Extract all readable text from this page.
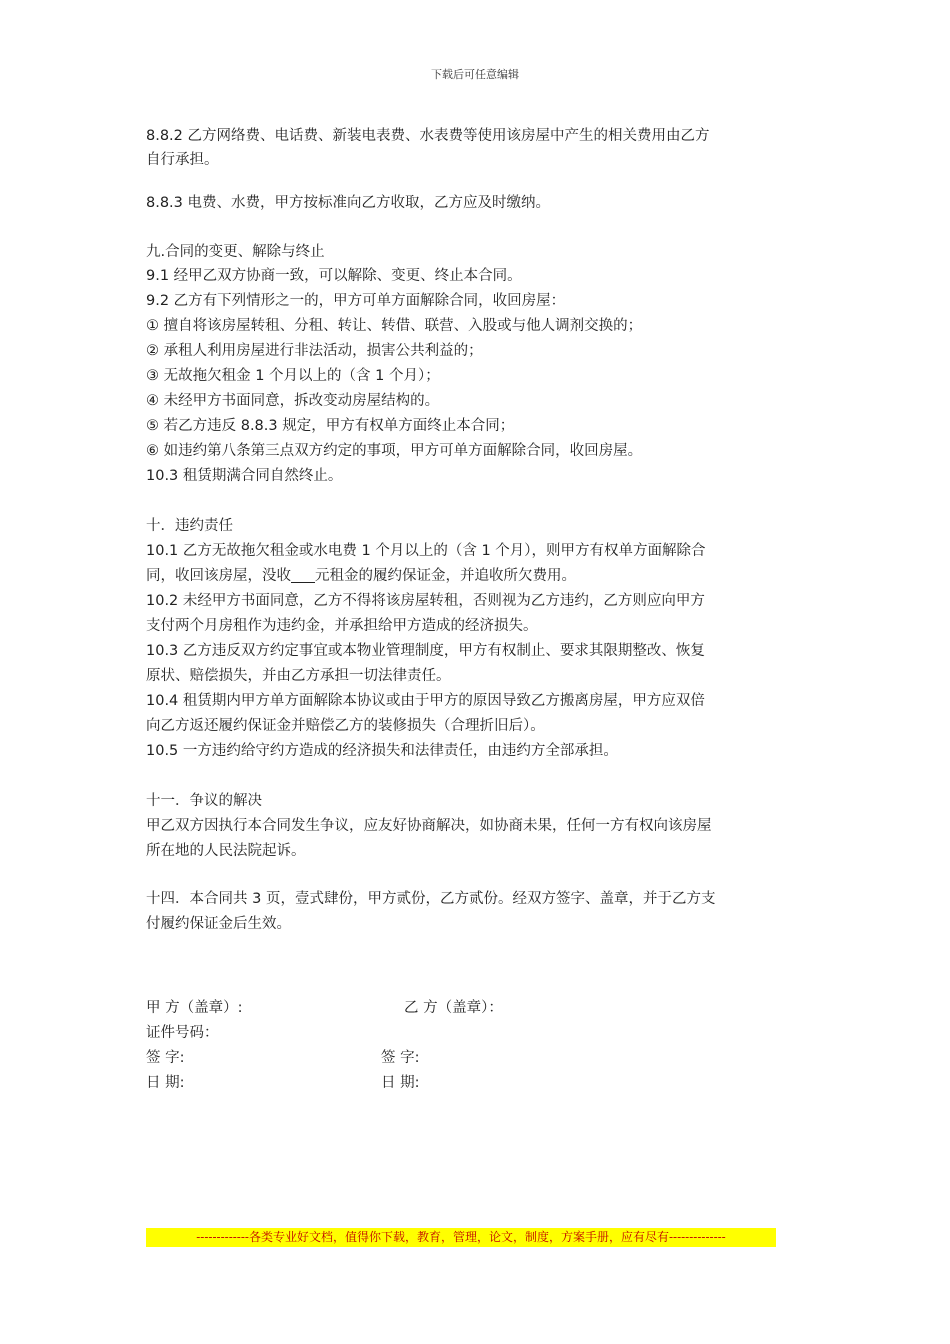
下载后可任意编辑
8.8.2 乙方网络费、电话费、新装电表费、水表费等使用该房屋中产生的相关费用由乙方
自行承担。
8.8.3 电费、水费，甲方按标准向乙方收取，乙方应及时缴纳。
九.合同的变更、解除与终止
9.1 经甲乙双方协商一致，可以解除、变更、终止本合同。
9.2 乙方有下列情形之一的，甲方可单方面解除合同，收回房屋：
① 擅自将该房屋转租、分租、转让、转借、联营、入股或与他人调剂交换的；
② 承租人利用房屋进行非法活动，损害公共利益的；
③ 无故拖欠租金 1 个月以上的（含 1 个月）；
④ 未经甲方书面同意，拆改变动房屋结构的。
⑤ 若乙方违反 8.8.3 规定，甲方有权单方面终止本合同；
⑥ 如违约第八条第三点双方约定的事项，甲方可单方面解除合同，收回房屋。
10.3 租赁期满合同自然终止。
十．违约责任
10.1 乙方无故拖欠租金或水电费 1 个月以上的（含 1 个月），则甲方有权单方面解除合
同，收回该房屋，没收 元租金的履约保证金，并追收所欠费用。
10.2 未经甲方书面同意，乙方不得将该房屋转租，否则视为乙方违约，乙方则应向甲方
支付两个月房租作为违约金，并承担给甲方造成的经济损失。
10.3 乙方违反双方约定事宜或本物业管理制度，甲方有权制止、要求其限期整改、恢复
原状、赔偿损失，并由乙方承担一切法律责任。
10.4 租赁期内甲方单方面解除本协议或由于甲方的原因导致乙方搬离房屋，甲方应双倍
向乙方返还履约保证金并赔偿乙方的装修损失（合理折旧后）。
10.5 一方违约给守约方造成的经济损失和法律责任，由违约方全部承担。
十一．争议的解决
甲乙双方因执行本合同发生争议，应友好协商解决，如协商未果，任何一方有权向该房屋
所在地的人民法院起诉。
十四．本合同共 3 页，壹式肆份，甲方贰份，乙方贰份。经双方签字、盖章，并于乙方支
付履约保证金后生效。
甲 方（盖章）:	乙 方（盖章）：
证件号码：
签 字:	签 字:
日 期:	日 期:
-------------各类专业好文档，值得你下载，教育，管理，论文，制度，方案手册，应有尽有--------------
